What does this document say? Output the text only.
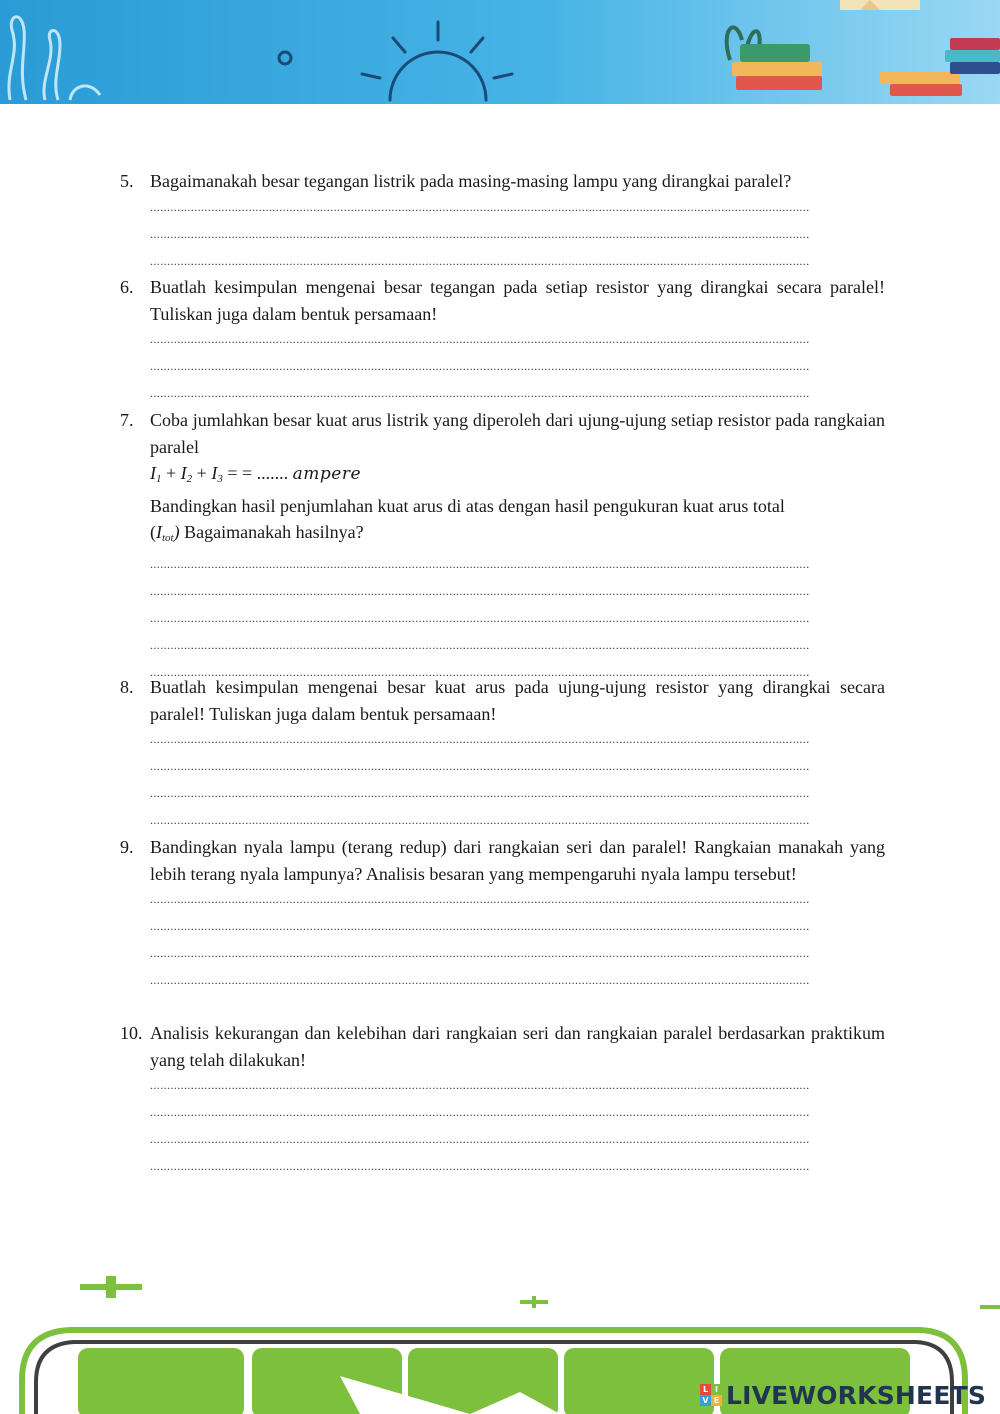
5. Bagaimanakah besar tegangan listrik pada masing-masing lampu yang dirangkai paralel?

..................................................................................................................................................................................................
..................................................................................................................................................................................................
..................................................................................................................................................................................................
6. Buatlah kesimpulan mengenai besar tegangan pada setiap resistor yang dirangkai secara paralel! Tuliskan juga dalam bentuk persamaan!

..................................................................................................................................................................................................
..................................................................................................................................................................................................
..................................................................................................................................................................................................
7. Coba jumlahkan besar kuat arus listrik yang diperoleh dari ujung-ujung setiap resistor pada rangkaian paralel

$I_1 + I_2 + I_3$ = = ....... ampere

Bandingkan hasil penjumlahan kuat arus di atas dengan hasil pengukuran kuat arus total
$(I_{tot})$ Bagaimanakah hasilnya?

..................................................................................................................................................................................................
..................................................................................................................................................................................................
..................................................................................................................................................................................................
..................................................................................................................................................................................................
..................................................................................................................................................................................................
8. Buatlah kesimpulan mengenai besar kuat arus pada ujung-ujung resistor yang dirangkai secara paralel! Tuliskan juga dalam bentuk persamaan!

..................................................................................................................................................................................................
..................................................................................................................................................................................................
..................................................................................................................................................................................................
..................................................................................................................................................................................................
9. Bandingkan nyala lampu (terang redup) dari rangkaian seri dan paralel! Rangkaian manakah yang lebih terang nyala lampunya? Analisis besaran yang mempengaruhi nyala lampu tersebut!

..................................................................................................................................................................................................
..................................................................................................................................................................................................
..................................................................................................................................................................................................
..................................................................................................................................................................................................
10. Analisis kekurangan dan kelebihan dari rangkaian seri dan rangkaian paralel berdasarkan praktikum yang telah dilakukan!

..................................................................................................................................................................................................
..................................................................................................................................................................................................
..................................................................................................................................................................................................
..................................................................................................................................................................................................
L I
V E LIVEWORKSHEETS
